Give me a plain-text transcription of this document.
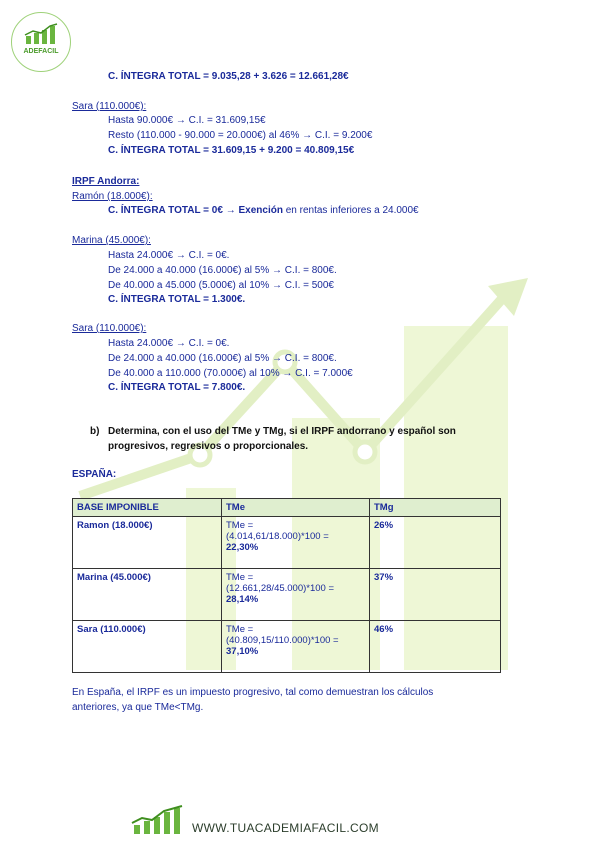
ADEFACIL
C. ÍNTEGRA TOTAL = 9.035,28 + 3.626 = 12.661,28€
Sara (110.000€):
Hasta 90.000€ → C.I. = 31.609,15€
Resto (110.000 - 90.000 = 20.000€) al 46% → C.I. = 9.200€
C. ÍNTEGRA TOTAL = 31.609,15 + 9.200 = 40.809,15€
IRPF Andorra:
Ramón (18.000€):
C. ÍNTEGRA TOTAL = 0€ → Exención en rentas inferiores a 24.000€
Marina (45.000€):
Hasta 24.000€ → C.I. = 0€.
De 24.000 a 40.000 (16.000€) al 5% → C.I. = 800€.
De 40.000 a 45.000 (5.000€) al 10% → C.I. = 500€
C. ÍNTEGRA TOTAL = 1.300€.
Sara (110.000€):
Hasta 24.000€ → C.I. = 0€.
De 24.000 a 40.000 (16.000€) al 5% → C.I. = 800€.
De 40.000 a 110.000 (70.000€) al 10% → C.I. = 7.000€
C. ÍNTEGRA TOTAL = 7.800€.
b) Determina, con el uso del TMe y TMg, si el IRPF andorrano y español son
progresivos, regresivos o proporcionales.
ESPAÑA:
BASE IMPONIBLE	TMe	TMg
Ramon (18.000€)	TMe =
(4.014,61/18.000)*100 =
22,30%	26%
Marina (45.000€)	TMe =
(12.661,28/45.000)*100 =
28,14%	37%
Sara (110.000€)	TMe =
(40.809,15/110.000)*100 =
37,10%	46%
En España, el IRPF es un impuesto progresivo, tal como demuestran los cálculos
anteriores, ya que TMe<TMg.
WWW.TUACADEMIAFACIL.COM
